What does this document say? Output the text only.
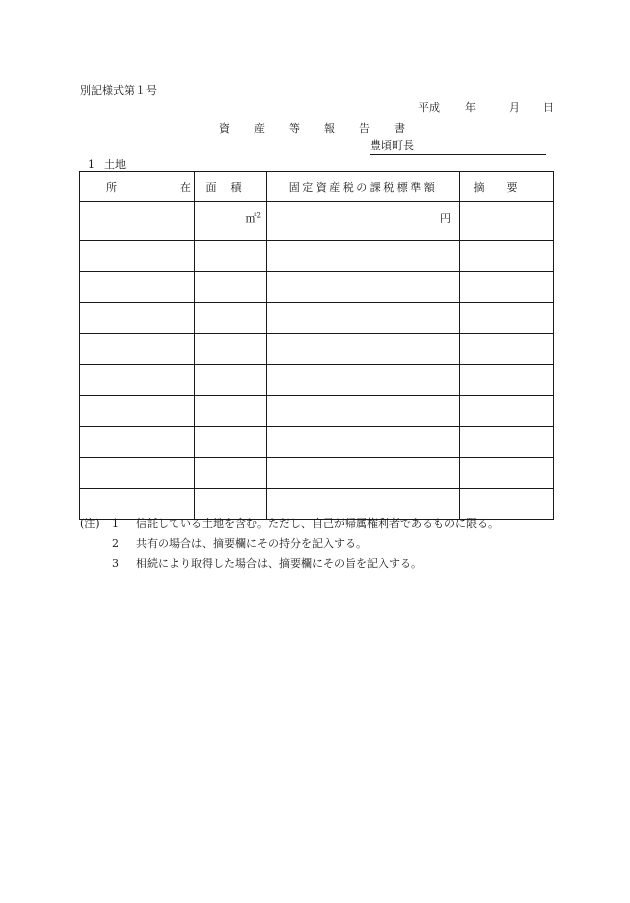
別記様式第１号
平成 年	月 日
資産等報告書
豊頃町長
1 土地
所 在	面積	固定資産税の課税標準額	摘要
	㎡$^2$	円	

(注)	1	信託している土地を含む。ただし、自己が帰属権利者であるものに限る。
2	共有の場合は、摘要欄にその持分を記入する。
3	相続により取得した場合は、摘要欄にその旨を記入する。
